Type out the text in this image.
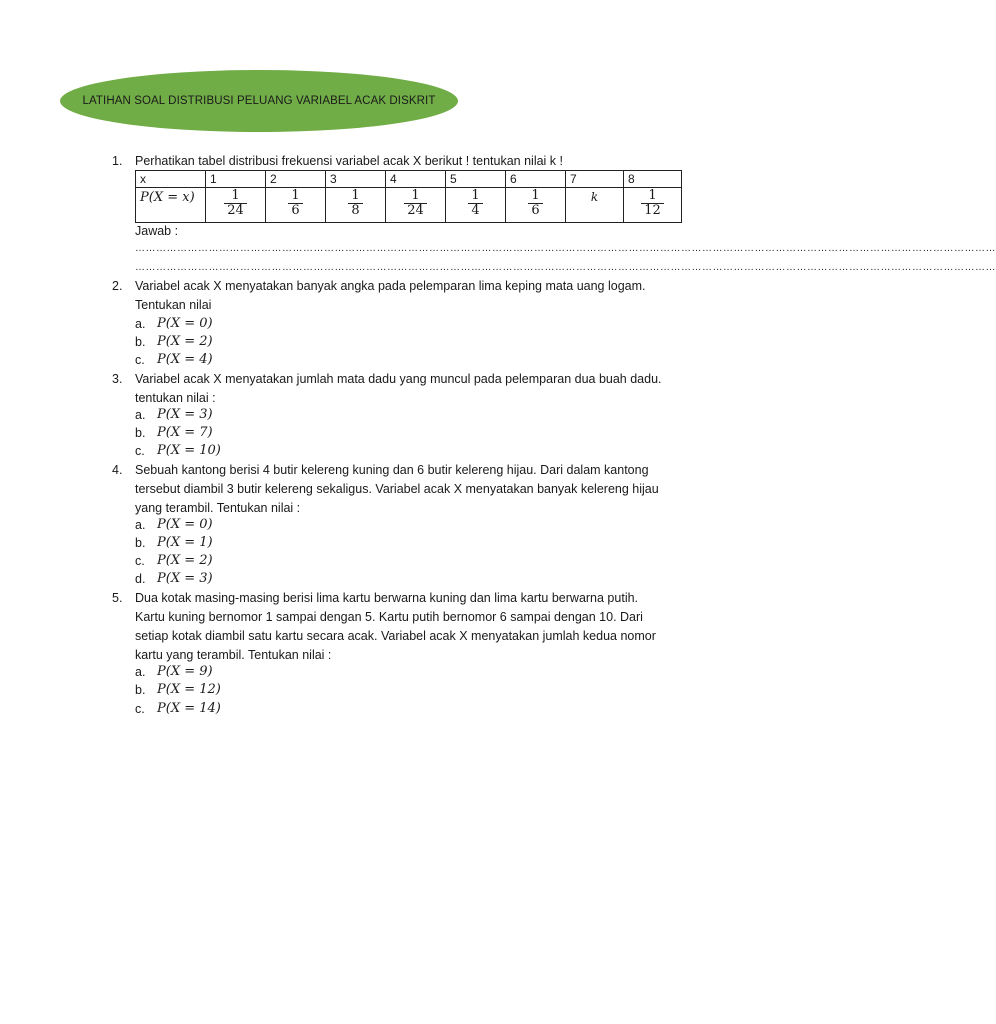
LATIHAN SOAL DISTRIBUSI PELUANG VARIABEL ACAK DISKRIT
1. Perhatikan tabel distribusi frekuensi variabel acak X berikut ! tentukan nilai k !
x	1	2	3	4	5	6	7	8
P(X = x)	$\frac{1}{24}$	$\frac{1}{6}$	$\frac{1}{8}$	$\frac{1}{24}$	$\frac{1}{4}$	$\frac{1}{6}$	k	$\frac{1}{12}$
Jawab :
…………………………………………………………………………………………………………………………………………………………………………………………………………………………
…………………………………………………………………………………………………………………………………………………………………………………………………………………………
2. Variabel acak X menyatakan banyak angka pada pelemparan lima keping mata uang logam.
Tentukan nilai
a. P(X = 0)
b. P(X = 2)
c. P(X = 4)
3. Variabel acak X menyatakan jumlah mata dadu yang muncul pada pelemparan dua buah dadu.
tentukan nilai :
a. P(X = 3)
b. P(X = 7)
c. P(X = 10)
4. Sebuah kantong berisi 4 butir kelereng kuning dan 6 butir kelereng hijau. Dari dalam kantong
tersebut diambil 3 butir kelereng sekaligus. Variabel acak X menyatakan banyak kelereng hijau
yang terambil. Tentukan nilai :
a. P(X = 0)
b. P(X = 1)
c. P(X = 2)
d. P(X = 3)
5. Dua kotak masing-masing berisi lima kartu berwarna kuning dan lima kartu berwarna putih.
Kartu kuning bernomor 1 sampai dengan 5. Kartu putih bernomor 6 sampai dengan 10. Dari
setiap kotak diambil satu kartu secara acak. Variabel acak X menyatakan jumlah kedua nomor
kartu yang terambil. Tentukan nilai :
a. P(X = 9)
b. P(X = 12)
c. P(X = 14)
